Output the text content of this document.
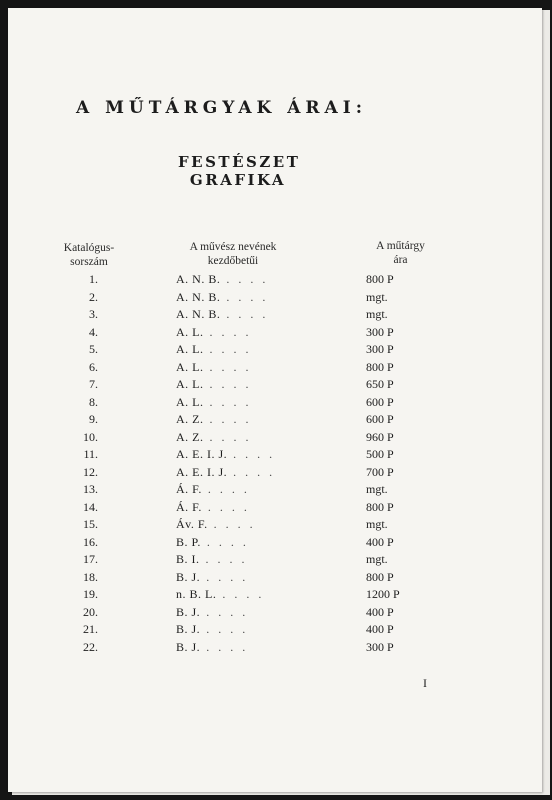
A MŰTÁRGYAK ÁRAI:
FESTÉSZET
GRAFIKA
Katalógus-
sorszám
A művész nevének
kezdőbetűi
A műtárgy
ára
1.	A. N. B. . . . .	800 P
2.	A. N. B. . . . .	mgt.
3.	A. N. B. . . . .	mgt.
4.	A. L. . . . .	300 P
5.	A. L. . . . .	300 P
6.	A. L. . . . .	800 P
7.	A. L. . . . .	650 P
8.	A. L. . . . .	600 P
9.	A. Z. . . . .	600 P
10.	A. Z. . . . .	960 P
11.	A. E. I. J. . . . .	500 P
12.	A. E. I. J. . . . .	700 P
13.	Á. F. . . . .	mgt.
14.	Á. F. . . . .	800 P
15.	Áv. F. . . . .	mgt.
16.	B. P. . . . .	400 P
17.	B. I. . . . .	mgt.
18.	B. J. . . . .	800 P
19.	n. B. L. . . . .	1200 P
20.	B. J. . . . .	400 P
21.	B. J. . . . .	400 P
22.	B. J. . . . .	300 P
I
